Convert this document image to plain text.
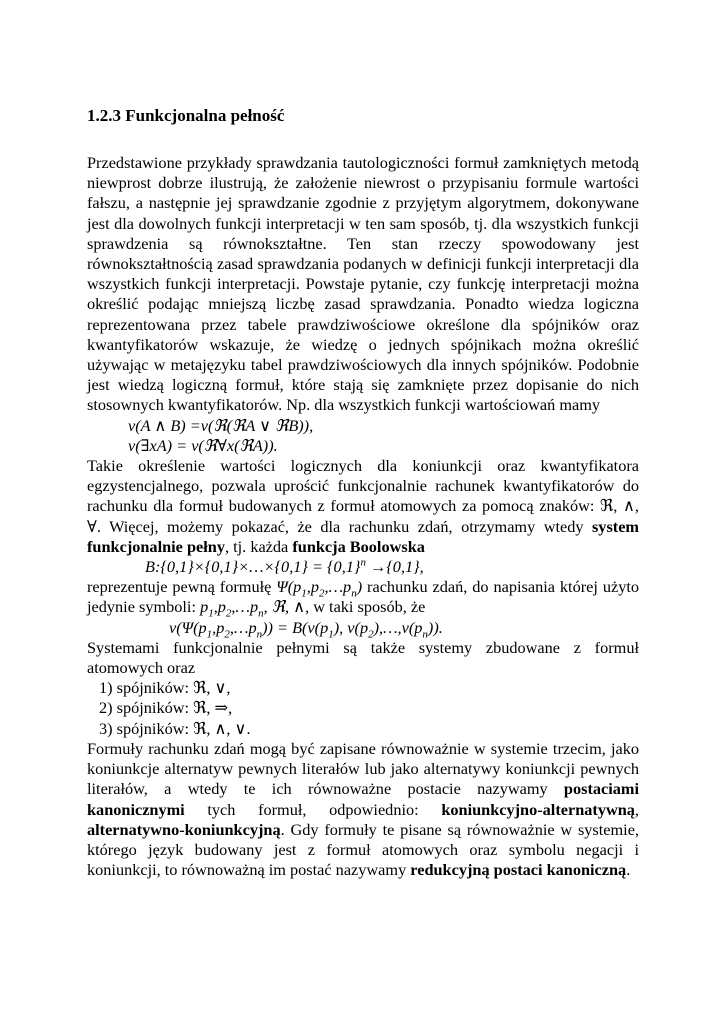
1.2.3 Funkcjonalna pełność

Przedstawione przykłady sprawdzania tautologiczności formuł zamkniętych metodą niewprost dobrze ilustrują, że założenie niewrost o przypisaniu formule wartości fałszu, a następnie jej sprawdzanie zgodnie z przyjętym algorytmem, dokonywane jest dla dowolnych funkcji interpretacji w ten sam sposób, tj. dla wszystkich funkcji sprawdzenia są równokształtne. Ten stan rzeczy spowodowany jest równokształtnością zasad sprawdzania podanych w definicji funkcji interpretacji dla wszystkich funkcji interpretacji. Powstaje pytanie, czy funkcję interpretacji można określić podając mniejszą liczbę zasad sprawdzania. Ponadto wiedza logiczna reprezentowana przez tabele prawdziwościowe określone dla spójników oraz kwantyfikatorów wskazuje, że wiedzę o jednych spójnikach można określić używając w metajęzyku tabel prawdziwościowych dla innych spójników. Podobnie jest wiedzą logiczną formuł, które stają się zamknięte przez dopisanie do nich stosownych kwantyfikatorów. Np. dla wszystkich funkcji wartościowań mamy

v(A ∧ B) =v(ℜ(ℜA ∨ ℜB)),
v(∃xA) = v(ℜ∀x(ℜA)).

Takie określenie wartości logicznych dla koniunkcji oraz kwantyfikatora egzystencjalnego, pozwala uprościć funkcjonalnie rachunek kwantyfikatorów do rachunku dla formuł budowanych z formuł atomowych za pomocą znaków: ℜ, ∧, ∀. Więcej, możemy pokazać, że dla rachunku zdań, otrzymamy wtedy system funkcjonalnie pełny, tj. każda funkcja Boolowska

B:{0,1}×{0,1}×…×{0,1} = $\{0,1\}^n \to\{0,1\}$,

reprezentuje pewną formułę $\Psi(p_1,p_2,\dots p_n)$ rachunku zdań, do napisania której użyto jedynie symboli: $p_1,p_2,\dots p_n$, ℜ, ∧, w taki sposób, że

$v(\Psi(p_1,p_2,\dots p_n)) = B(v(p_1)$, $v(p_2),\dots,v(p_n)$).

Systemami funkcjonalnie pełnymi są także systemy zbudowane z formuł atomowych oraz

1) spójników: ℜ, ∨,
2) spójników: ℜ, ⇒,
3) spójników: ℜ, ∧, ∨.

Formuły rachunku zdań mogą być zapisane równoważnie w systemie trzecim, jako koniunkcje alternatyw pewnych literałów lub jako alternatywy koniunkcji pewnych literałów, a wtedy te ich równoważne postacie nazywamy postaciami kanonicznymi tych formuł, odpowiednio: koniunkcyjno-alternatywną, alternatywno-koniunkcyjną. Gdy formuły te pisane są równoważnie w systemie, którego język budowany jest z formuł atomowych oraz symbolu negacji i koniunkcji, to równoważną im postać nazywamy redukcyjną postaci kanoniczną.
